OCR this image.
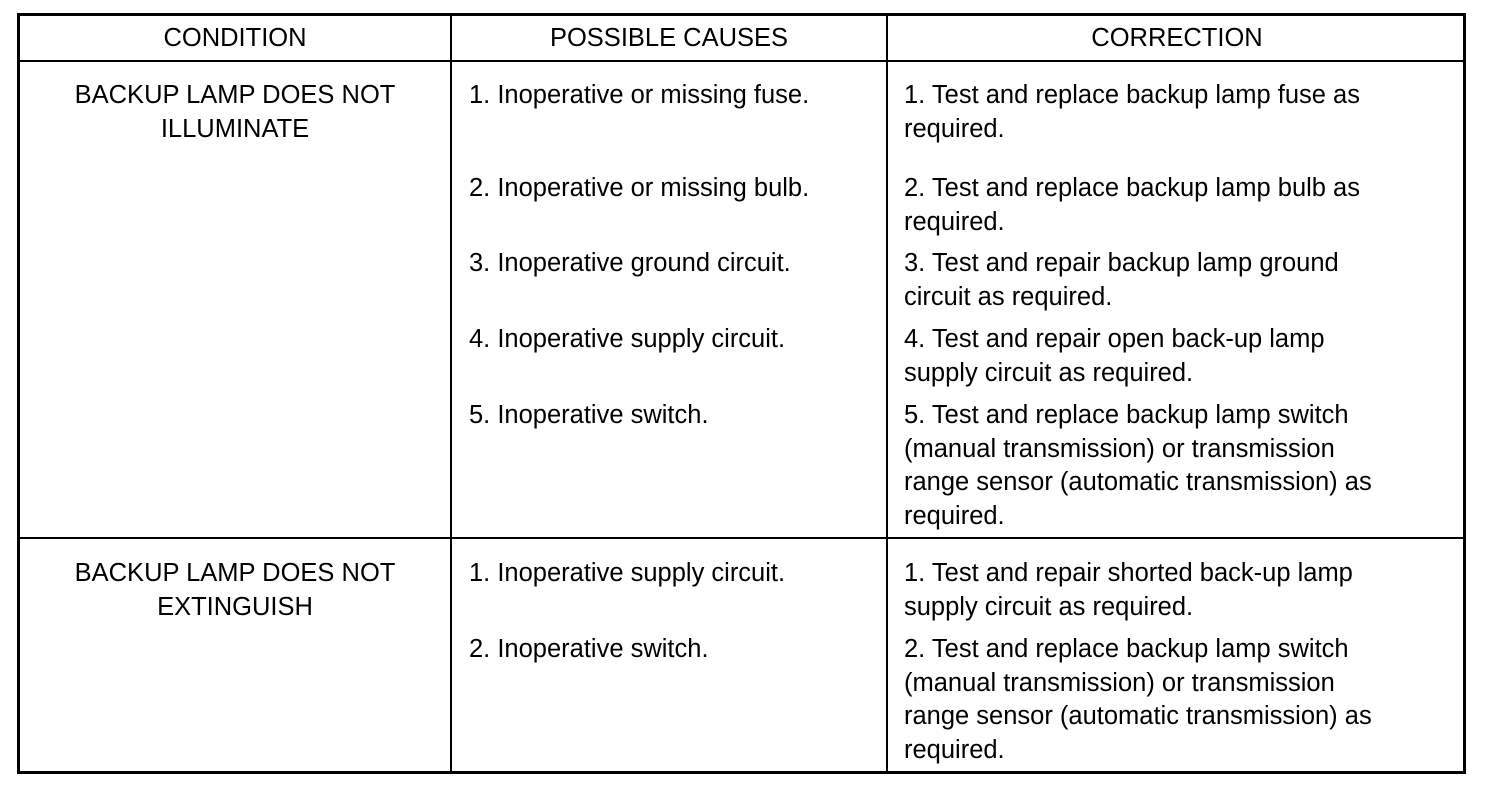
CONDITION	POSSIBLE CAUSES	CORRECTION
BACKUP LAMP DOES NOT
ILLUMINATE
1. Inoperative or missing fuse.
2. Inoperative or missing bulb.
3. Inoperative ground circuit.
4. Inoperative supply circuit.
5. Inoperative switch.
1. Test and replace backup lamp fuse as
required.
2. Test and replace backup lamp bulb as
required.
3. Test and repair backup lamp ground
circuit as required.
4. Test and repair open back-up lamp
supply circuit as required.
5. Test and replace backup lamp switch
(manual transmission) or transmission
range sensor (automatic transmission) as
required.
BACKUP LAMP DOES NOT
EXTINGUISH
1. Inoperative supply circuit.
2. Inoperative switch.
1. Test and repair shorted back-up lamp
supply circuit as required.
2. Test and replace backup lamp switch
(manual transmission) or transmission
range sensor (automatic transmission) as
required.
